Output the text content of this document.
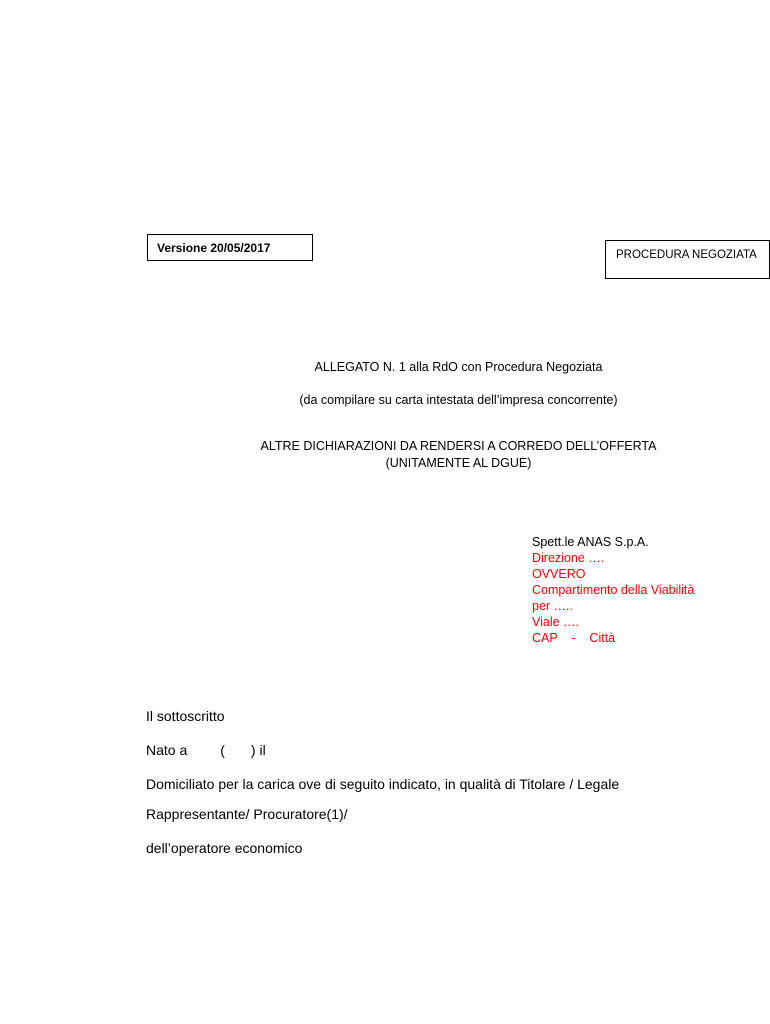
Versione 20/05/2017	PROCEDURA NEGOZIATA
ALLEGATO N. 1 alla RdO con Procedura Negoziata
(da compilare su carta intestata dell’impresa concorrente)
ALTRE DICHIARAZIONI DA RENDERSI A CORREDO DELL’OFFERTA
(UNITAMENTE AL DGUE)
Spett.le ANAS S.p.A.
Direzione ….
OVVERO
Compartimento della Viabilità
per …..
Viale ….
CAP    -    Città
Il sottoscritto
Nato a ( ) il
Domiciliato per la carica ove di seguito indicato, in qualità di Titolare / Legale
Rappresentante/ Procuratore(1)/
dell’operatore economico
